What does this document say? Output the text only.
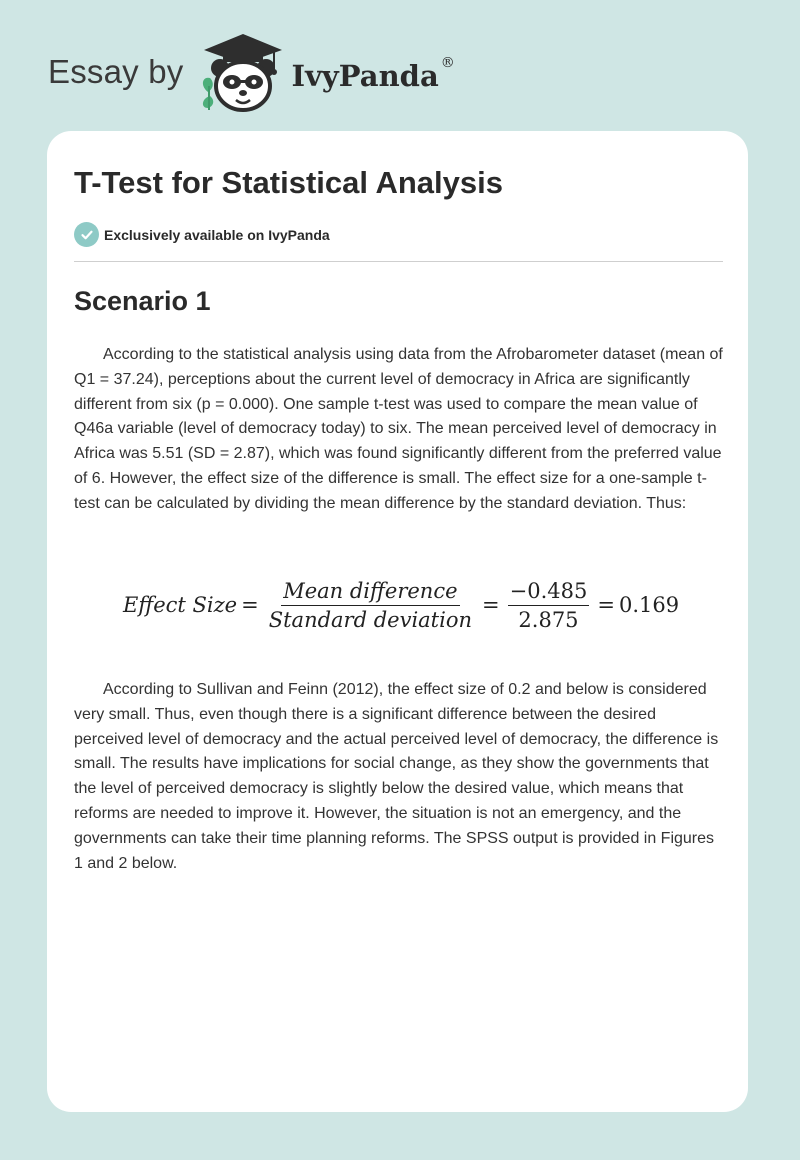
Essay by	IvyPanda ®
T-Test for Statistical Analysis
Exclusively available on IvyPanda
Scenario 1

According to the statistical analysis using data from the Afrobarometer dataset (mean of Q1 = 37.24), perceptions about the current level of democracy in Africa are significantly different from six (p = 0.000). One sample t-test was used to compare the mean value of Q46a variable (level of democracy today) to six. The mean perceived level of democracy in Africa was 5.51 (SD = 2.87), which was found significantly different from the preferred value of 6. However, the effect size of the difference is small. The effect size for a one-sample t-test can be calculated by dividing the mean difference by the standard deviation. Thus:

Effect Size = $\frac{\text{Mean difference}}{\text{Standard deviation}} = \frac{-0.485}{2.875} = 0.169$

According to Sullivan and Feinn (2012), the effect size of 0.2 and below is considered very small. Thus, even though there is a significant difference between the desired perceived level of democracy and the actual perceived level of democracy, the difference is small. The results have implications for social change, as they show the governments that the level of perceived democracy is slightly below the desired value, which means that reforms are needed to improve it. However, the situation is not an emergency, and the governments can take their time planning reforms. The SPSS output is provided in Figures 1 and 2 below.
